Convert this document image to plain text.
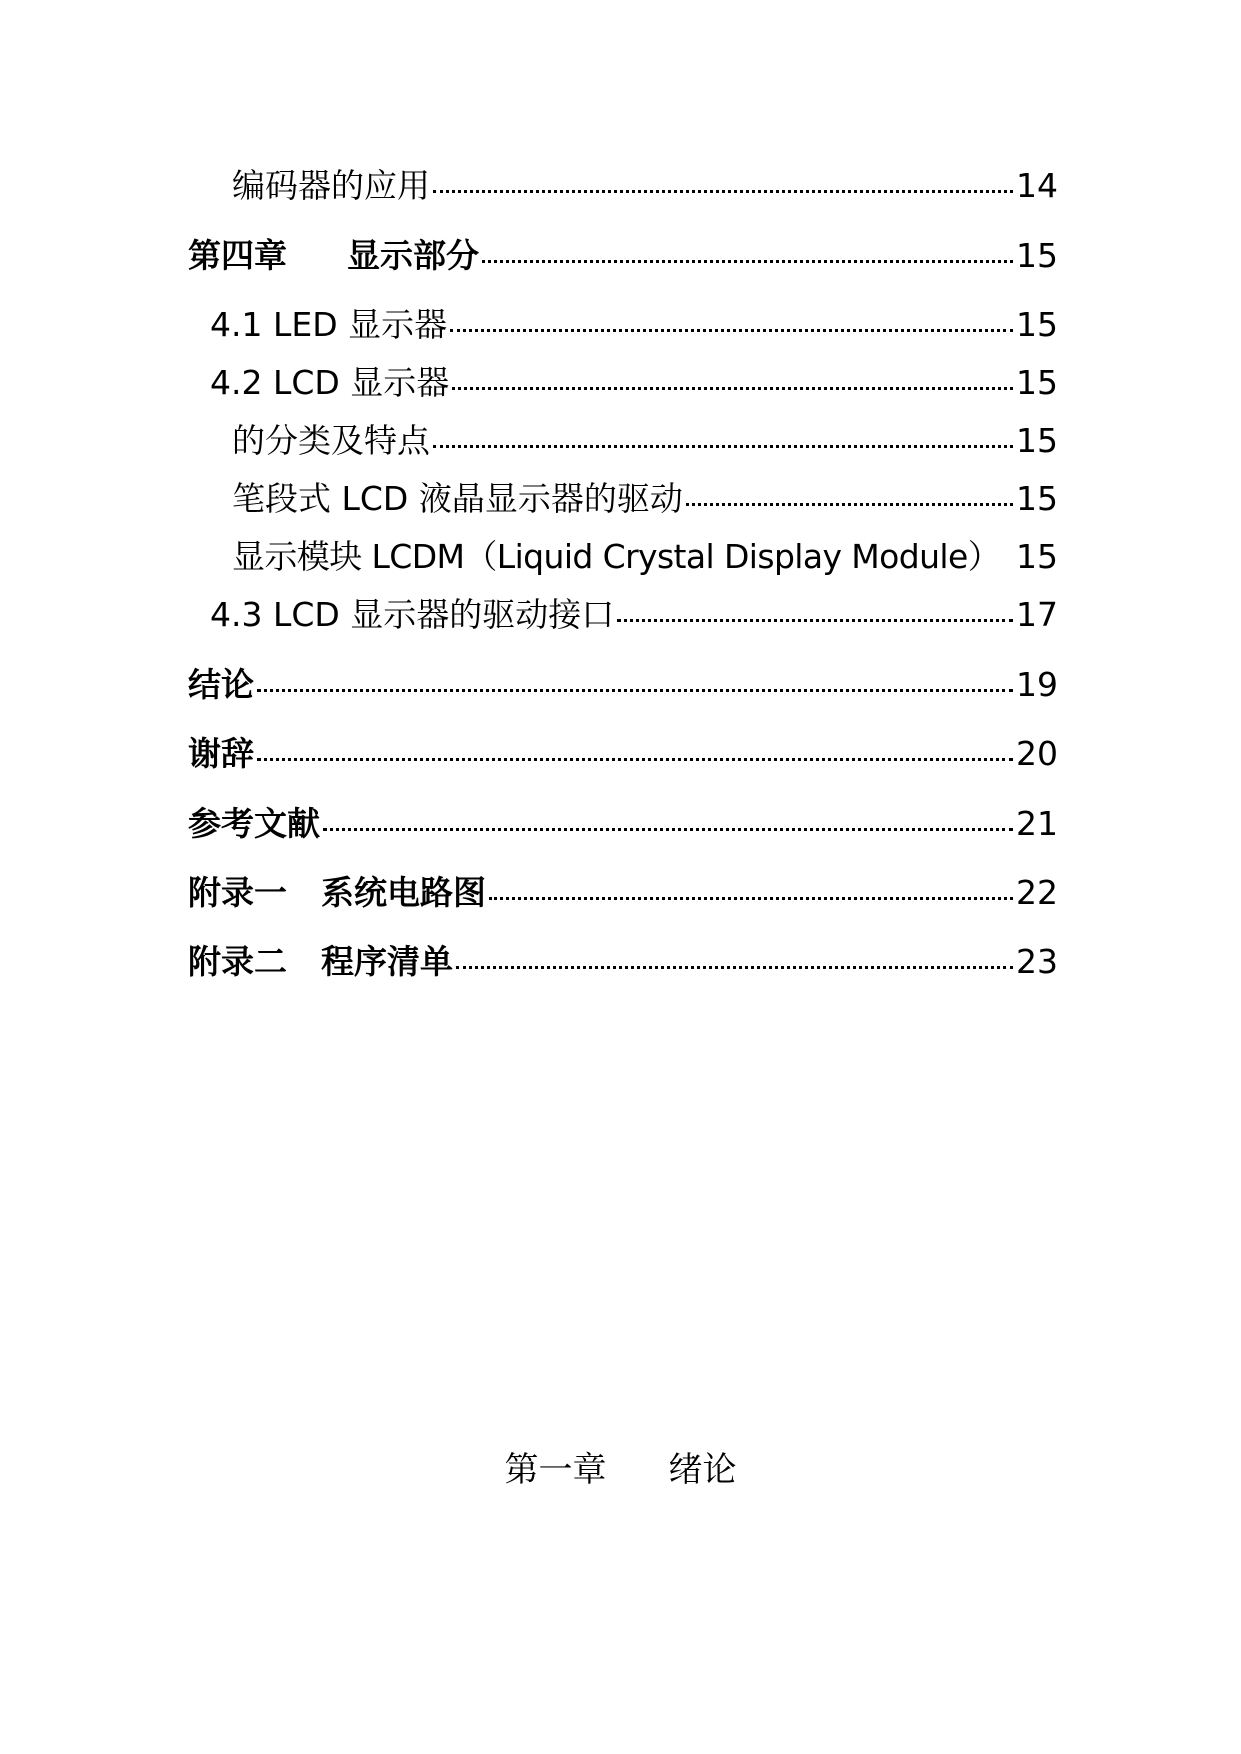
编码器的应用	14
第四章 显示部分	15
4.1 LED 显示器	15
4.2 LCD 显示器	15
的分类及特点	15
笔段式 LCD 液晶显示器的驱动	15
显示模块 LCDM（Liquid Crystal Display Module） 15
4.3 LCD 显示器的驱动接口	17
结论	19
谢辞	20
参考文献	21
附录一 系统电路图	22
附录二 程序清单	23
第一章 绪论
